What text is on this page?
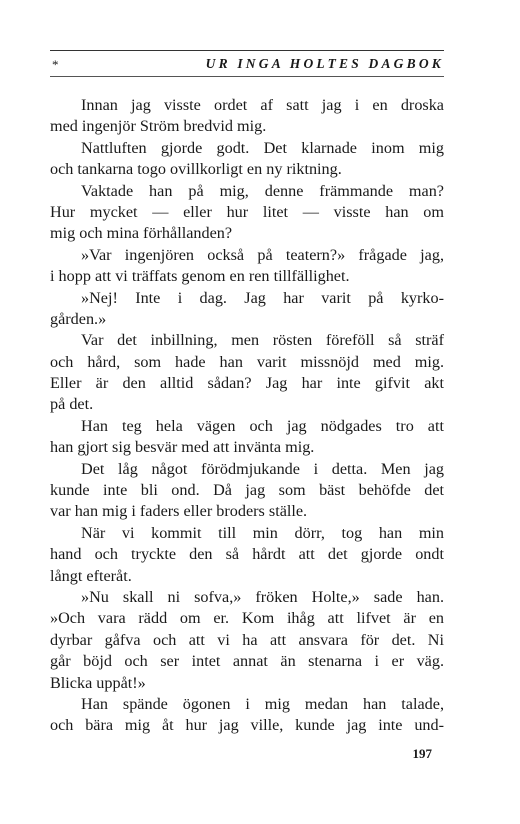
*	UR INGA HOLTES DAGBOK
Innan jag visste ordet af satt jag i en droska
med ingenjör Ström bredvid mig.
Nattluften gjorde godt. Det klarnade inom mig
och tankarna togo ovillkorligt en ny riktning.
Vaktade han på mig, denne främmande man?
Hur mycket — eller hur litet — visste han om
mig och mina förhållanden?
»Var ingenjören också på teatern?» frågade jag,
i hopp att vi träffats genom en ren tillfällighet.
»Nej! Inte i dag. Jag har varit på kyrko-
gården.»
Var det inbillning, men rösten föreföll så sträf
och hård, som hade han varit missnöjd med mig.
Eller är den alltid sådan? Jag har inte gifvit akt
på det.
Han teg hela vägen och jag nödgades tro att
han gjort sig besvär med att invänta mig.
Det låg något förödmjukande i detta. Men jag
kunde inte bli ond. Då jag som bäst behöfde det
var han mig i faders eller broders ställe.
När vi kommit till min dörr, tog han min
hand och tryckte den så hårdt att det gjorde ondt
långt efteråt.
»Nu skall ni sofva,» fröken Holte,» sade han.
»Och vara rädd om er. Kom ihåg att lifvet är en
dyrbar gåfva och att vi ha att ansvara för det. Ni
går böjd och ser intet annat än stenarna i er väg.
Blicka uppåt!»
Han spände ögonen i mig medan han talade,
och bära mig åt hur jag ville, kunde jag inte und-
197
